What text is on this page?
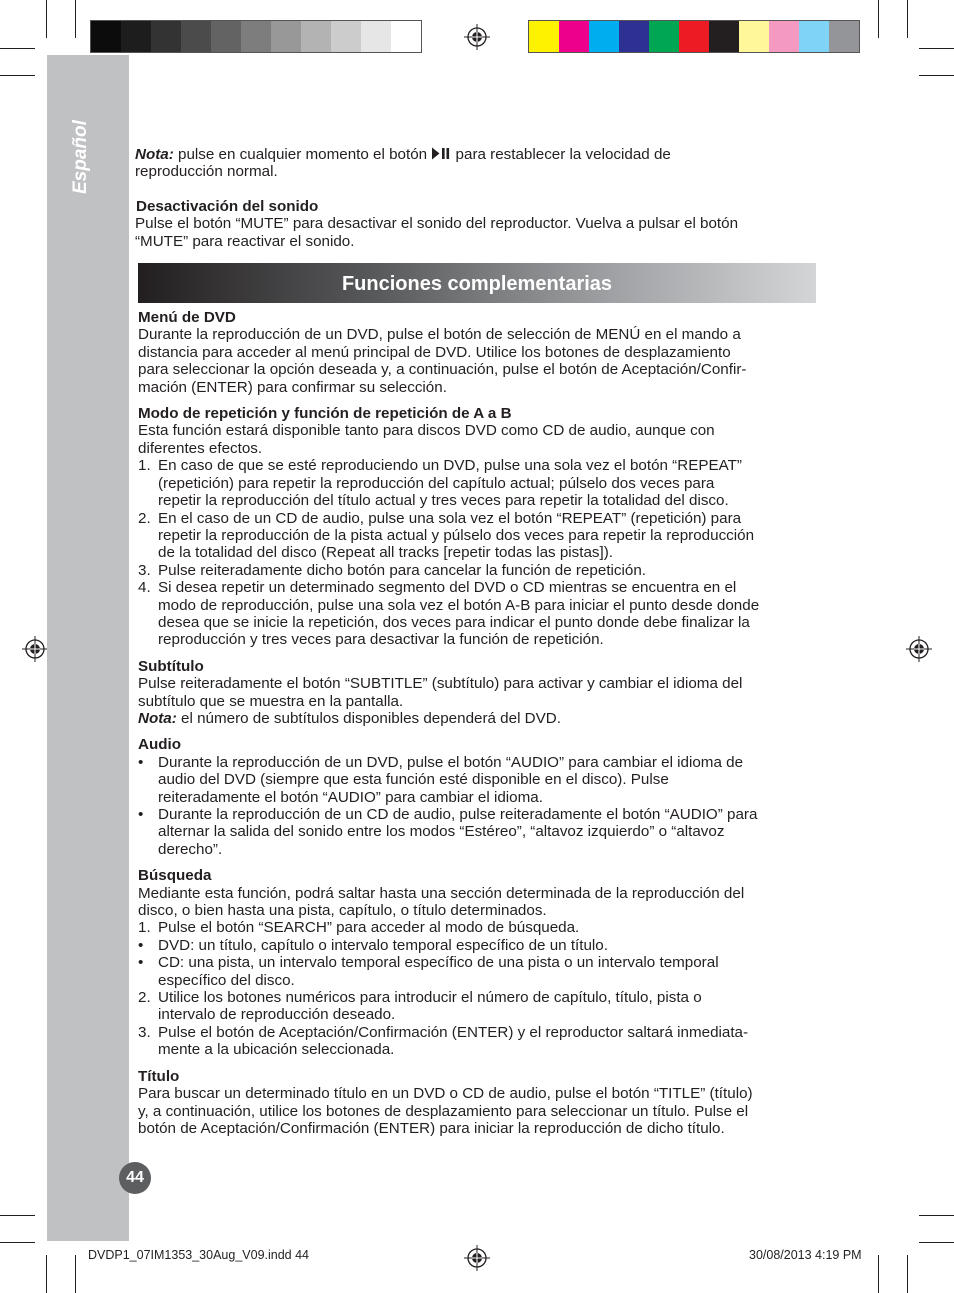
Español
44

Nota: pulse en cualquier momento el botón  para restablecer la velocidad de
reproducción normal.

Desactivación del sonido

Pulse el botón “MUTE” para desactivar el sonido del reproductor. Vuelva a pulsar el botón

“MUTE” para reactivar el sonido.

Funciones complementarias

Menú de DVD

Durante la reproducción de un DVD, pulse el botón de selección de MENÚ en el mando a

distancia para acceder al menú principal de DVD. Utilice los botones de desplazamiento

para seleccionar la opción deseada y, a continuación, pulse el botón de Aceptación/Confir-

mación (ENTER) para confirmar su selección.

Modo de repetición y función de repetición de A a B

Esta función estará disponible tanto para discos DVD como CD de audio, aunque con

diferentes efectos.

1. En caso de que se esté reproduciendo un DVD, pulse una sola vez el botón “REPEAT”

(repetición) para repetir la reproducción del capítulo actual; púlselo dos veces para

repetir la reproducción del título actual y tres veces para repetir la totalidad del disco.

2. En el caso de un CD de audio, pulse una sola vez el botón “REPEAT” (repetición) para

repetir la reproducción de la pista actual y púlselo dos veces para repetir la reproducción

de la totalidad del disco (Repeat all tracks [repetir todas las pistas]).

3. Pulse reiteradamente dicho botón para cancelar la función de repetición.

4. Si desea repetir un determinado segmento del DVD o CD mientras se encuentra en el

modo de reproducción, pulse una sola vez el botón A-B para iniciar el punto desde donde

desea que se inicie la repetición, dos veces para indicar el punto donde debe finalizar la

reproducción y tres veces para desactivar la función de repetición.

Subtítulo

Pulse reiteradamente el botón “SUBTITLE” (subtítulo) para activar y cambiar el idioma del

subtítulo que se muestra en la pantalla.

Nota: el número de subtítulos disponibles dependerá del DVD.

Audio

• Durante la reproducción de un DVD, pulse el botón “AUDIO” para cambiar el idioma de

audio del DVD (siempre que esta función esté disponible en el disco). Pulse

reiteradamente el botón “AUDIO” para cambiar el idioma.

• Durante la reproducción de un CD de audio, pulse reiteradamente el botón “AUDIO” para

alternar la salida del sonido entre los modos “Estéreo”, “altavoz izquierdo” o “altavoz

derecho”.

Búsqueda

Mediante esta función, podrá saltar hasta una sección determinada de la reproducción del

disco, o bien hasta una pista, capítulo, o título determinados.

1. Pulse el botón “SEARCH” para acceder al modo de búsqueda.

• DVD: un título, capítulo o intervalo temporal específico de un título.

• CD: una pista, un intervalo temporal específico de una pista o un intervalo temporal

específico del disco.

2. Utilice los botones numéricos para introducir el número de capítulo, título, pista o

intervalo de reproducción deseado.

3. Pulse el botón de Aceptación/Confirmación (ENTER) y el reproductor saltará inmediata-

mente a la ubicación seleccionada.

Título

Para buscar un determinado título en un DVD o CD de audio, pulse el botón “TITLE” (título)

y, a continuación, utilice los botones de desplazamiento para seleccionar un título. Pulse el

botón de Aceptación/Confirmación (ENTER) para iniciar la reproducción de dicho título.

DVDP1_07IM1353_30Aug_V09.indd 44	30/08/2013 4:19 PM
